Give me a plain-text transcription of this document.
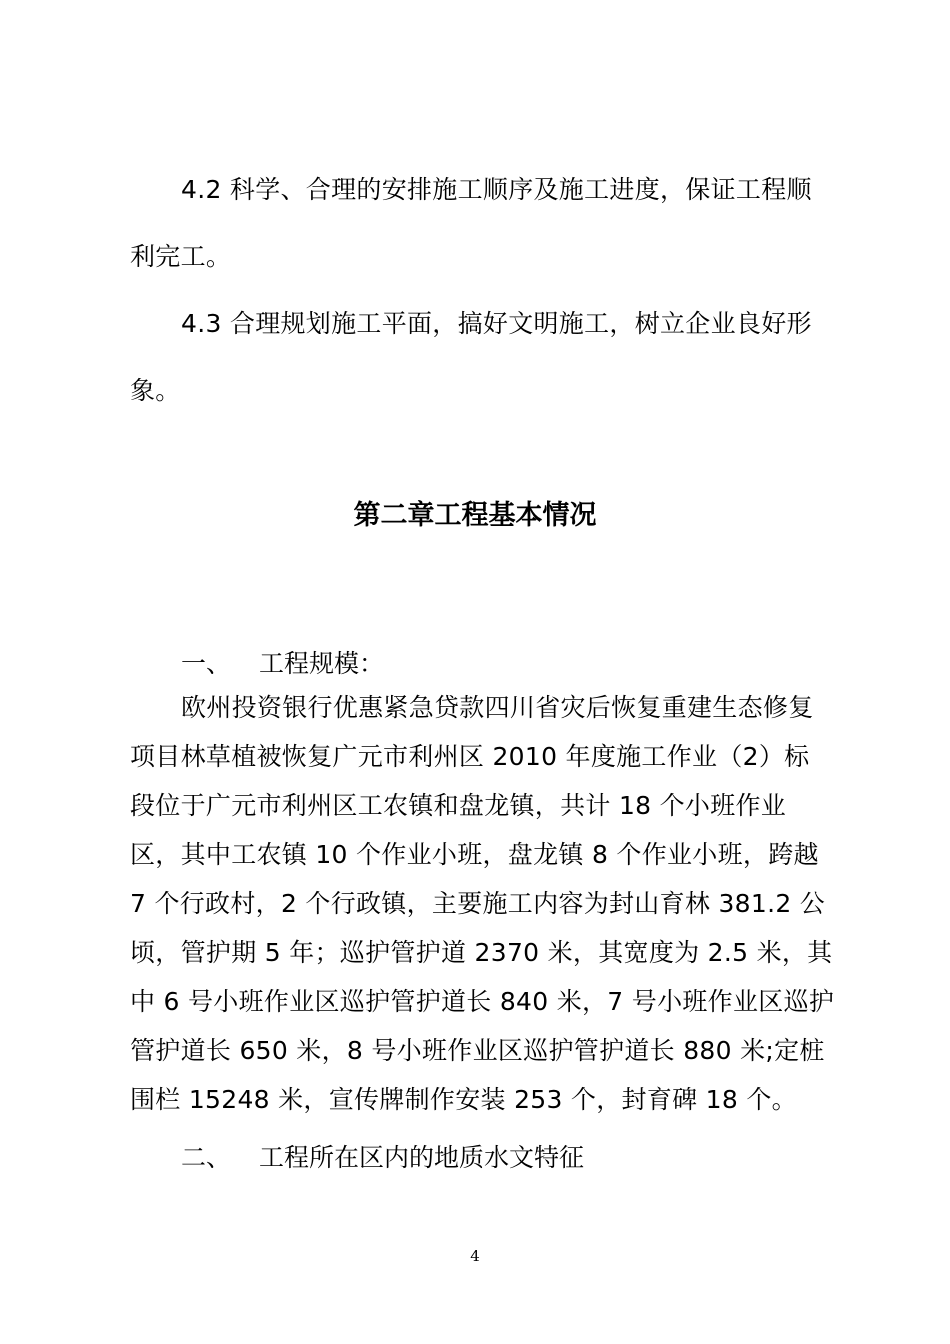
4.2 科学、合理的安排施工顺序及施工进度，保证工程顺
利完工。
4.3 合理规划施工平面，搞好文明施工，树立企业良好形
象。
第二章工程基本情况
一、 工程规模：
欧州投资银行优惠紧急贷款四川省灾后恢复重建生态修复
项目林草植被恢复广元市利州区 2010 年度施工作业（2）标
段位于广元市利州区工农镇和盘龙镇，共计 18 个小班作业
区，其中工农镇 10 个作业小班，盘龙镇 8 个作业小班，跨越
7 个行政村，2 个行政镇，主要施工内容为封山育林 381.2 公
顷，管护期 5 年；巡护管护道 2370 米，其宽度为 2.5 米，其
中 6 号小班作业区巡护管护道长 840 米，7 号小班作业区巡护
管护道长 650 米，8 号小班作业区巡护管护道长 880 米;定桩
围栏 15248 米，宣传牌制作安装 253 个，封育碑 18 个。
二、 工程所在区内的地质水文特征
4
